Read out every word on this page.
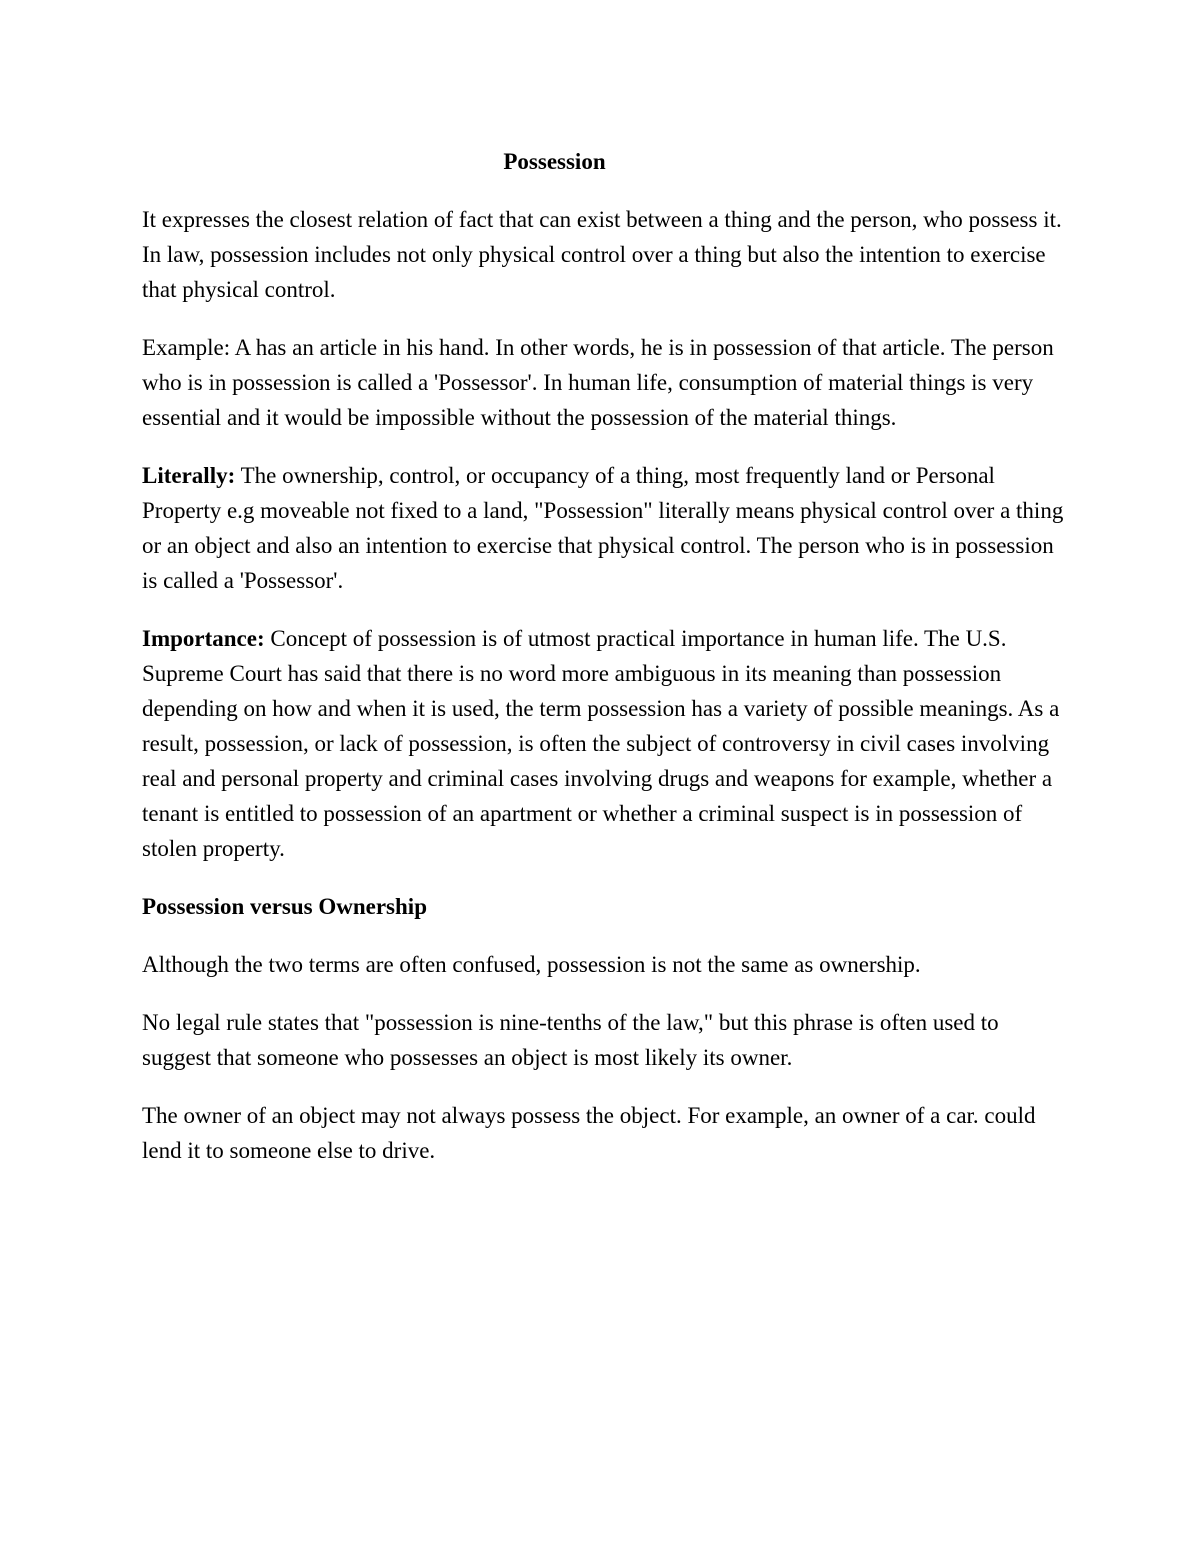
Possession

It expresses the closest relation of fact that can exist between a thing and the person, who possess it. In law, possession includes not only physical control over a thing but also the intention to exercise that physical control.

Example: A has an article in his hand. In other words, he is in possession of that article. The person who is in possession is called a 'Possessor'. In human life, consumption of material things is very essential and it would be impossible without the possession of the material things.

Literally: The ownership, control, or occupancy of a thing, most frequently land or Personal Property e.g moveable not fixed to a land, "Possession" literally means physical control over a thing or an object and also an intention to exercise that physical control. The person who is in possession is called a 'Possessor'.

Importance: Concept of possession is of utmost practical importance in human life. The U.S. Supreme Court has said that there is no word more ambiguous in its meaning than possession depending on how and when it is used, the term possession has a variety of possible meanings. As a result, possession, or lack of possession, is often the subject of controversy in civil cases involving real and personal property and criminal cases involving drugs and weapons for example, whether a tenant is entitled to possession of an apartment or whether a criminal suspect is in possession of stolen property.

Possession versus Ownership

Although the two terms are often confused, possession is not the same as ownership.

No legal rule states that "possession is nine-tenths of the law," but this phrase is often used to suggest that someone who possesses an object is most likely its owner.

The owner of an object may not always possess the object. For example, an owner of a car. could lend it to someone else to drive.
